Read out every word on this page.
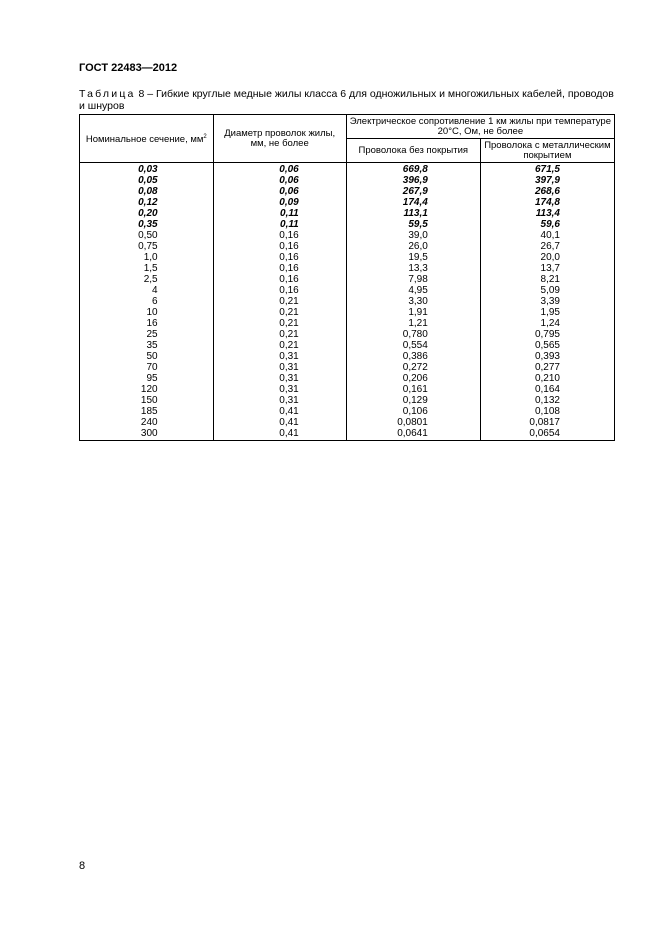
ГОСТ 22483—2012
Таблица 8 – Гибкие круглые медные жилы класса 6 для одножильных и многожильных кабелей, проводов и шнуров
Номинальное сечение, $мм^2$	Диаметр проволок жилы, мм, не более	Электрическое сопротивление 1 км жилы при температуре 20°С, Ом, не более	
		Проволока без покрытия	Проволока с металлическим покрытием
0,03	0,06	669,8	671,5
0,05	0,06	396,9	397,9
0,08	0,06	267,9	268,6
0,12	0,09	174,4	174,8
0,20	0,11	113,1	113,4
0,35	0,11	59,5	59,6
0,50	0,16	39,0	40,1
0,75	0,16	26,0	26,7
1,0	0,16	19,5	20,0
1,5	0,16	13,3	13,7
2,5	0,16	7,98	8,21
4	0,16	4,95	5,09
6	0,21	3,30	3,39
10	0,21	1,91	1,95
16	0,21	1,21	1,24
25	0,21	0,780	0,795
35	0,21	0,554	0,565
50	0,31	0,386	0,393
70	0,31	0,272	0,277
95	0,31	0,206	0,210
120	0,31	0,161	0,164
150	0,31	0,129	0,132
185	0,41	0,106	0,108
240	0,41	0,0801	0,0817
300	0,41	0,0641	0,0654
8
